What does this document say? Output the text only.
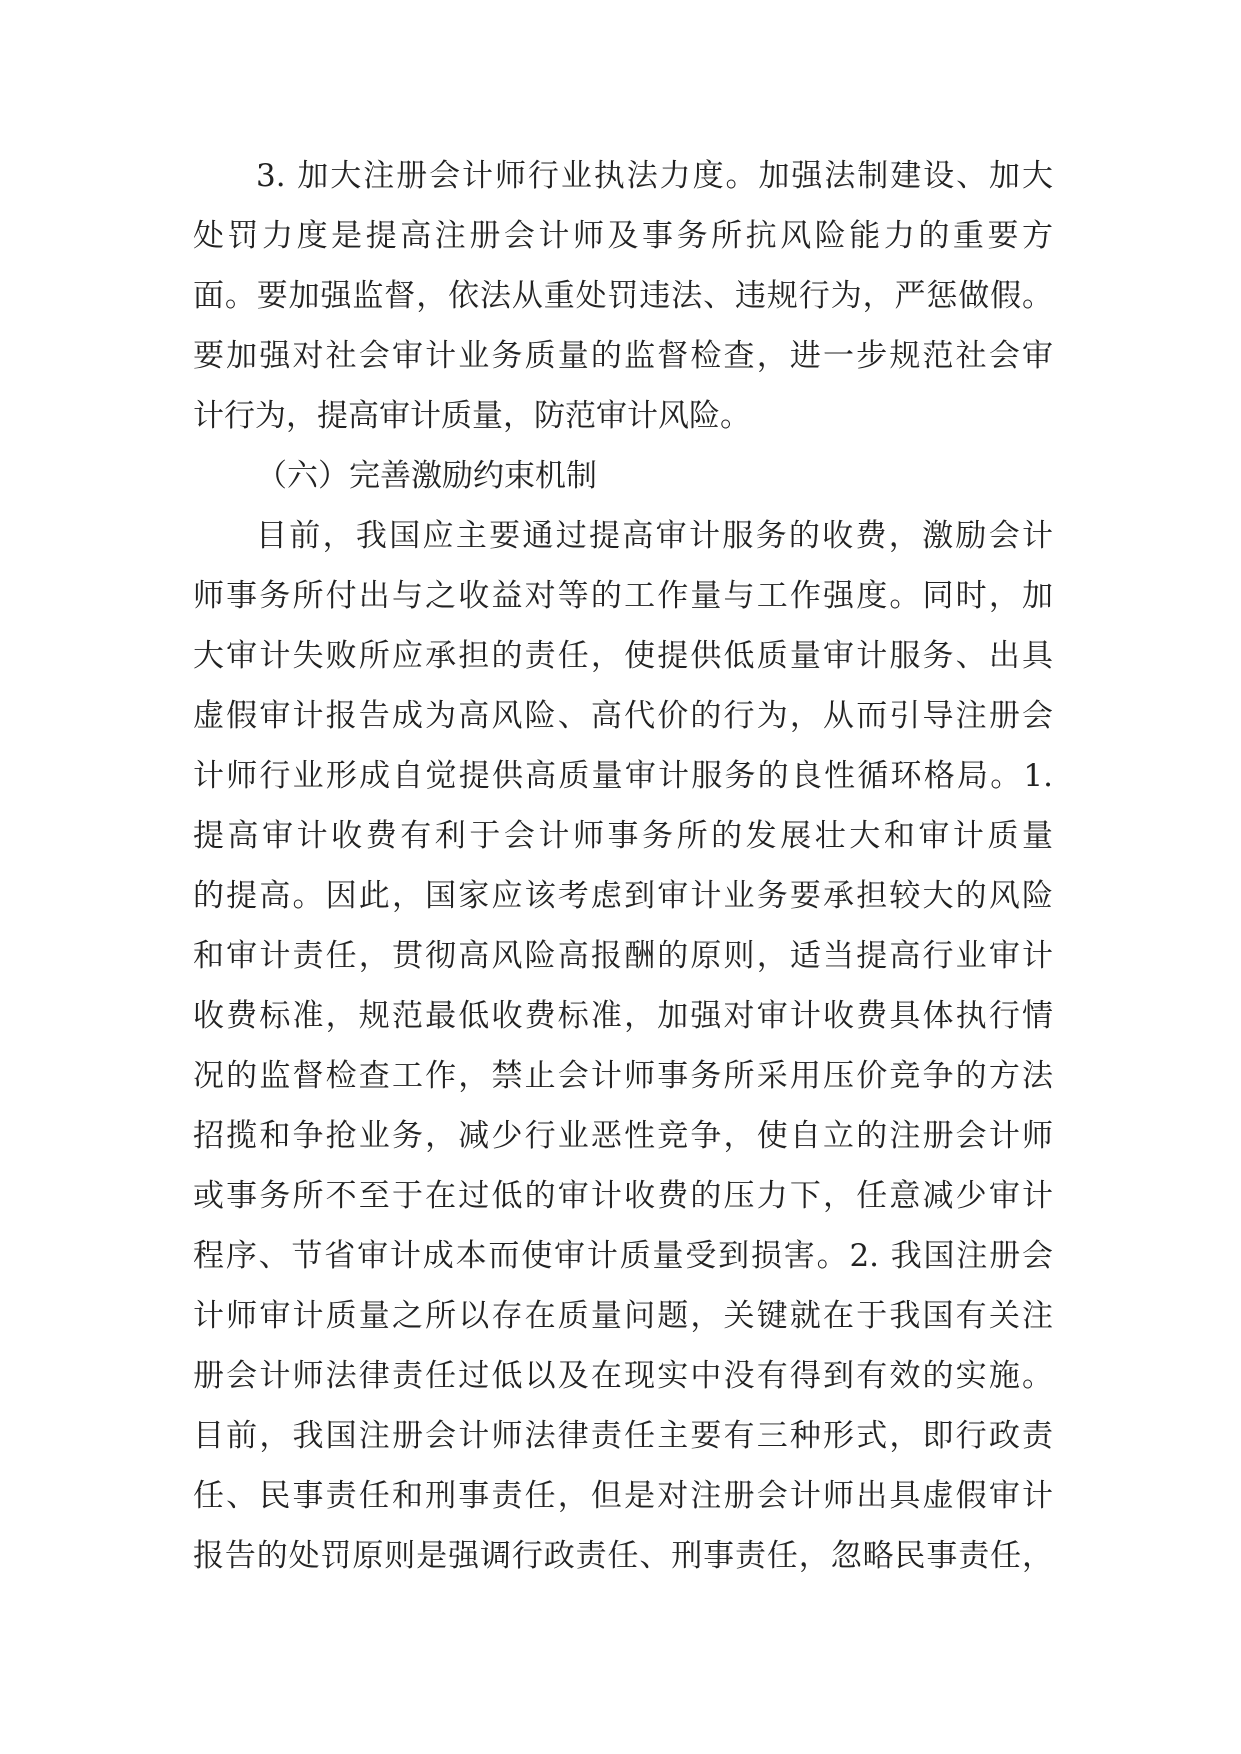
3. 加大注册会计师行业执法力度。加强法制建设、加大
处罚力度是提高注册会计师及事务所抗风险能力的重要方
面。要加强监督，依法从重处罚违法、违规行为，严惩做假。
要加强对社会审计业务质量的监督检查，进一步规范社会审
计行为，提高审计质量，防范审计风险。
（六）完善激励约束机制
目前，我国应主要通过提高审计服务的收费，激励会计
师事务所付出与之收益对等的工作量与工作强度。同时，加
大审计失败所应承担的责任，使提供低质量审计服务、出具
虚假审计报告成为高风险、高代价的行为，从而引导注册会
计师行业形成自觉提供高质量审计服务的良性循环格局。1.
提高审计收费有利于会计师事务所的发展壮大和审计质量
的提高。因此，国家应该考虑到审计业务要承担较大的风险
和审计责任，贯彻高风险高报酬的原则，适当提高行业审计
收费标准，规范最低收费标准，加强对审计收费具体执行情
况的监督检查工作，禁止会计师事务所采用压价竞争的方法
招揽和争抢业务，减少行业恶性竞争，使自立的注册会计师
或事务所不至于在过低的审计收费的压力下，任意减少审计
程序、节省审计成本而使审计质量受到损害。2. 我国注册会
计师审计质量之所以存在质量问题，关键就在于我国有关注
册会计师法律责任过低以及在现实中没有得到有效的实施。
目前，我国注册会计师法律责任主要有三种形式，即行政责
任、民事责任和刑事责任，但是对注册会计师出具虚假审计
报告的处罚原则是强调行政责任、刑事责任，忽略民事责任，
